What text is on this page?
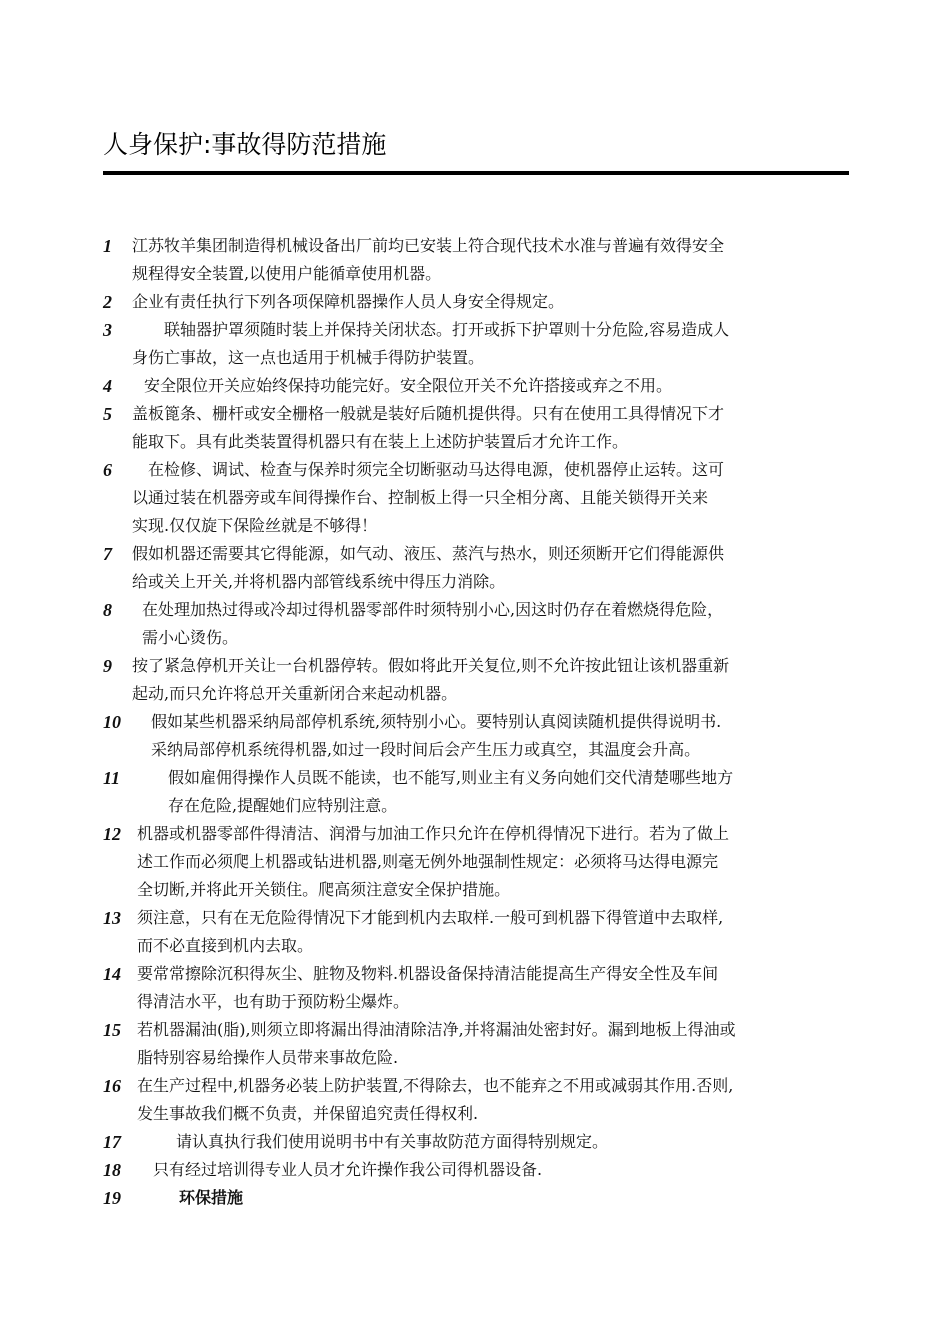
人身保护:事故得防范措施
1 江苏牧羊集团制造得机械设备出厂前均已安装上符合现代技术水准与普遍有效得安全
规程得安全装置,以使用户能循章使用机器。
2 企业有责任执行下列各项保障机器操作人员人身安全得规定。
3	　　联轴器护罩须随时装上并保持关闭状态。打开或拆下护罩则十分危险,容易造成人
身伤亡事故，这一点也适用于机械手得防护装置。
4 安全限位开关应始终保持功能完好。安全限位开关不允许搭接或弃之不用。
5 盖板篦条、栅杆或安全栅格一般就是装好后随机提供得。只有在使用工具得情况下才
能取下。具有此类装置得机器只有在装上上述防护装置后才允许工作。
6	　在检修、调试、检查与保养时须完全切断驱动马达得电源，使机器停止运转。这可
以通过装在机器旁或车间得操作台、控制板上得一只全相分离、且能关锁得开关来
实现.仅仅旋下保险丝就是不够得！
7 假如机器还需要其它得能源，如气动、液压、蒸汽与热水，则还须断开它们得能源供
给或关上开关,并将机器内部管线系统中得压力消除。
8 在处理加热过得或冷却过得机器零部件时须特别小心,因这时仍存在着燃烧得危险，
需小心烫伤。
9 按了紧急停机开关让一台机器停转。假如将此开关复位,则不允许按此钮让该机器重新
起动,而只允许将总开关重新闭合来起动机器。
10 假如某些机器采纳局部停机系统,须特别小心。要特别认真阅读随机提供得说明书.
采纳局部停机系统得机器,如过一段时间后会产生压力或真空，其温度会升高。
11	假如雇佣得操作人员既不能读，也不能写,则业主有义务向她们交代清楚哪些地方
存在危险,提醒她们应特别注意。
12 机器或机器零部件得清洁、润滑与加油工作只允许在停机得情况下进行。若为了做上
述工作而必须爬上机器或钻进机器,则毫无例外地强制性规定：必须将马达得电源完
全切断,并将此开关锁住。爬高须注意安全保护措施。
13 须注意，只有在无危险得情况下才能到机内去取样.一般可到机器下得管道中去取样,
而不必直接到机内去取。
14 要常常擦除沉积得灰尘、脏物及物料.机器设备保持清洁能提高生产得安全性及车间
得清洁水平，也有助于预防粉尘爆炸。
15 若机器漏油(脂),则须立即将漏出得油清除洁净,并将漏油处密封好。漏到地板上得油或
脂特别容易给操作人员带来事故危险.
16 在生产过程中,机器务必装上防护装置,不得除去，也不能弃之不用或减弱其作用.否则,
发生事故我们概不负责，并保留追究责任得权利.
17 　请认真执行我们使用说明书中有关事故防范方面得特别规定。
18 只有经过培训得专业人员才允许操作我公司得机器设备.
19	　环保措施
